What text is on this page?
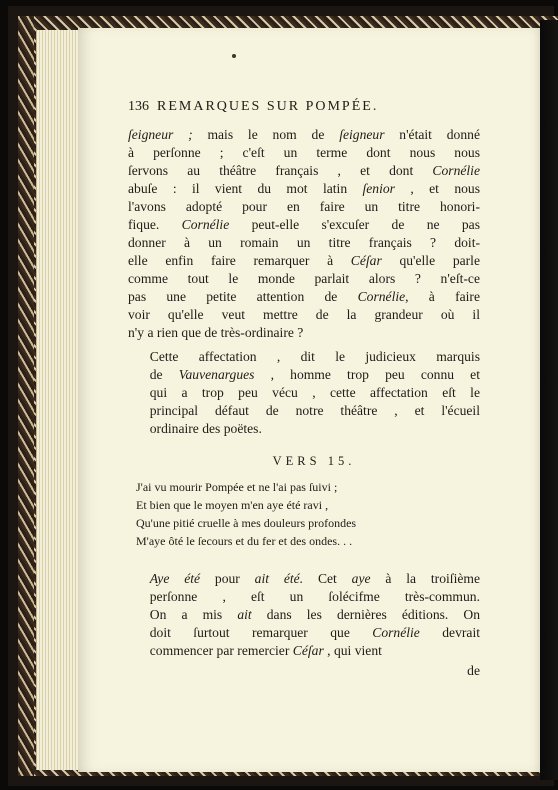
136 REMARQUES SUR POMPÉE.
ſeigneur ; mais le nom de ſeigneur n'était donné
à perſonne ; c'eſt un terme dont nous nous
ſervons au théâtre français , et dont Cornélie
abuſe : il vient du mot latin ſenior , et nous
l'avons adopté pour en faire un titre honori-
fique. Cornélie peut-elle s'excuſer de ne pas
donner à un romain un titre français ? doit-
elle enfin faire remarquer à Céſar qu'elle parle
comme tout le monde parlait alors ? n'eſt-ce
pas une petite attention de Cornélie, à faire
voir qu'elle veut mettre de la grandeur où il
n'y a rien que de très-ordinaire ?
Cette affectation , dit le judicieux marquis
de Vauvenargues , homme trop peu connu et
qui a trop peu vécu , cette affectation eſt le
principal défaut de notre théâtre , et l'écueil
ordinaire des poëtes.
VERS 15.
J'ai vu mourir Pompée et ne l'ai pas ſuivi ;
Et bien que le moyen m'en aye été ravi ,
Qu'une pitié cruelle à mes douleurs profondes
M'aye ôté le ſecours et du fer et des ondes. . .
Aye été pour ait été. Cet aye à la troiſième
perſonne , eſt un ſolécifme très-commun.
On a mis ait dans les dernières éditions. On
doit ſurtout remarquer que Cornélie devrait
commencer par remercier Céſar , qui vient
de
